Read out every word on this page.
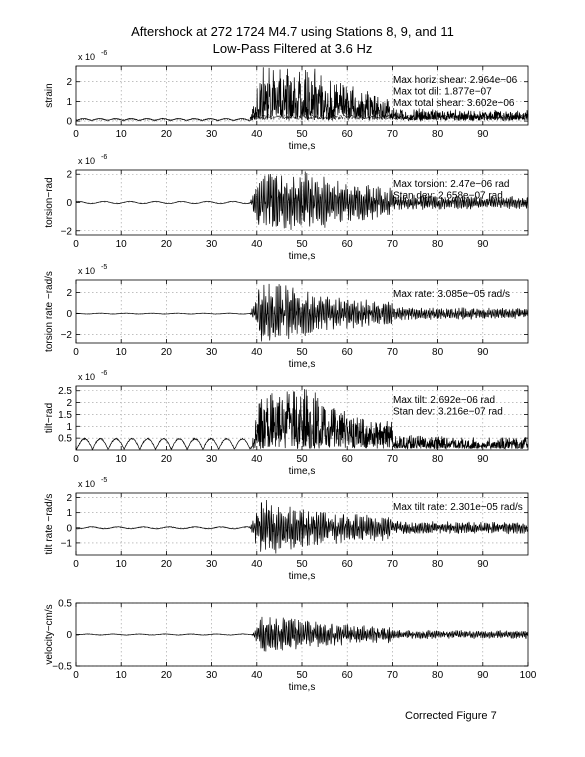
Aftershock at 272 1724 M4.7 using Stations 8, 9, and 11
Low-Pass Filtered at 3.6 Hz
0	10	20	30	40	50	60	70	80	90
0
1
2
time,s
strain
x 10 -6
Max horiz shear: 2.964e−06
Max tot dil: 1.877e−07
Max total shear: 3.602e−06
0	10	20	30	40	50	60	70	80	90
−2
0
2
time,s
torsion−rad
x 10 -6
Max torsion: 2.47e−06 rad
Stan dev: 2.658e−07 rad
0	10	20	30	40	50	60	70	80	90
−2
0
2
time,s
torsion rate −rad/s
x 10 -5
Max rate: 3.085e−05 rad/s
0	10	20	30	40	50	60	70	80	90
0.5
1
1.5
2
2.5
time,s
tilt−rad
x 10 -6
Max tilt: 2.692e−06 rad
Stan dev: 3.216e−07 rad
0	10	20	30	40	50	60	70	80	90
−1
0
1
2
time,s
tilt rate −rad/s
x 10 -5
Max tilt rate: 2.301e−05 rad/s
0	10	20	30	40	50	60	70	80	90	100
−0.5
0
0.5
time,s
velocity−cm/s
Corrected Figure 7
